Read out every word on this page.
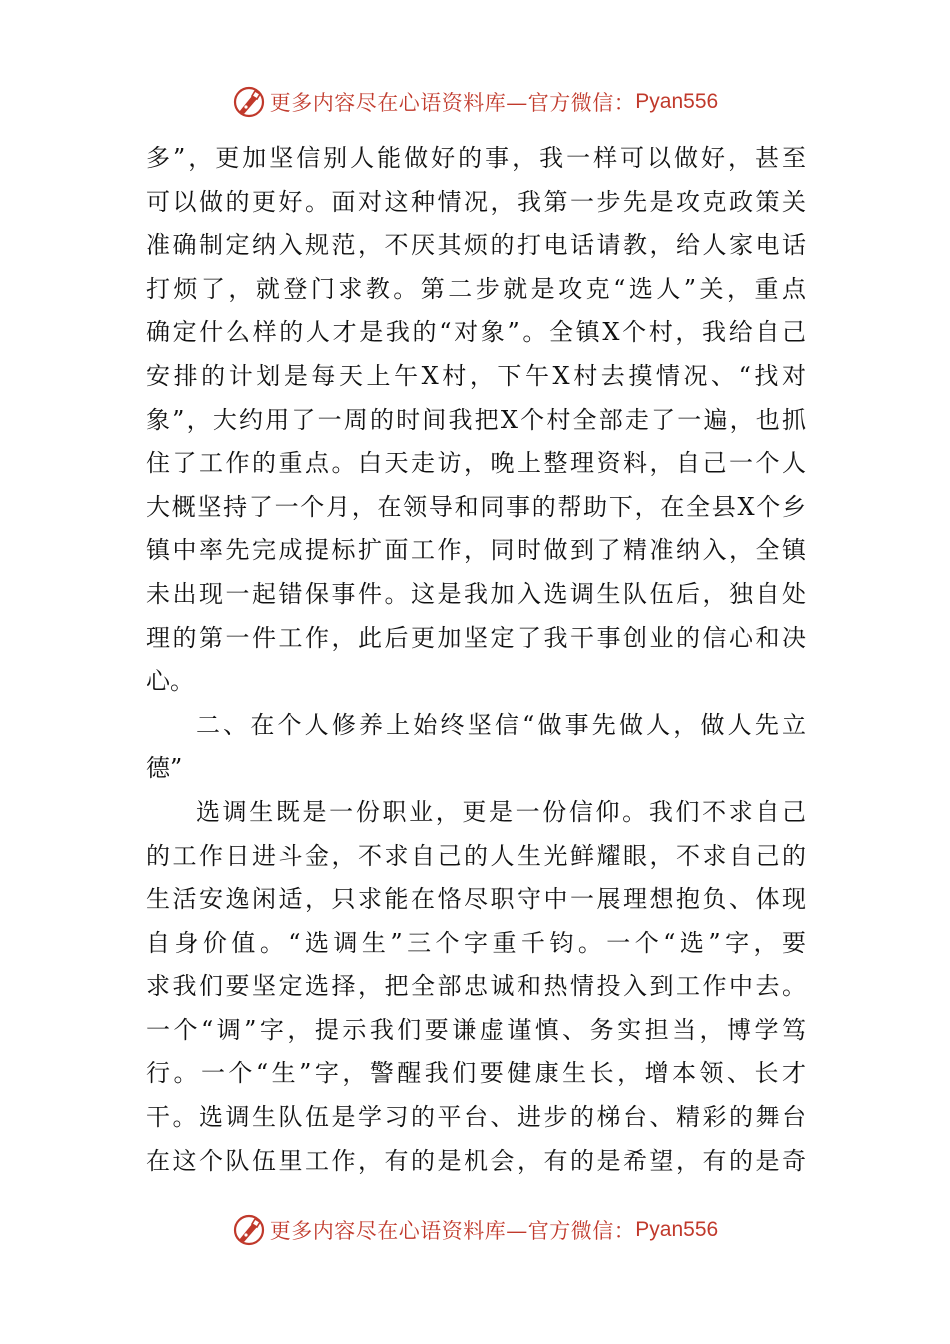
更多内容尽在心语资料库—官方微信： Pyan556
多”，更加坚信别人能做好的事，我一样可以做好，甚至
可以做的更好。面对这种情况，我第一步先是攻克政策关
准确制定纳入规范，不厌其烦的打电话请教，给人家电话
打烦了，就登门求教。第二步就是攻克“选人”关，重点
确定什么样的人才是我的“对象”。全镇X个村，我给自己
安排的计划是每天上午X村，下午X村去摸情况、“找对
象”，大约用了一周的时间我把X个村全部走了一遍，也抓
住了工作的重点。白天走访，晚上整理资料，自己一个人
大概坚持了一个月，在领导和同事的帮助下，在全县X个乡
镇中率先完成提标扩面工作，同时做到了精准纳入，全镇
未出现一起错保事件。这是我加入选调生队伍后，独自处
理的第一件工作，此后更加坚定了我干事创业的信心和决
心。
二、在个人修养上始终坚信“做事先做人，做人先立
德”
选调生既是一份职业，更是一份信仰。我们不求自己
的工作日进斗金，不求自己的人生光鲜耀眼，不求自己的
生活安逸闲适，只求能在恪尽职守中一展理想抱负、体现
自身价值。“选调生”三个字重千钧。一个“选”字，要
求我们要坚定选择，把全部忠诚和热情投入到工作中去。
一个“调”字，提示我们要谦虚谨慎、务实担当，博学笃
行。一个“生”字，警醒我们要健康生长，增本领、长才
干。选调生队伍是学习的平台、进步的梯台、精彩的舞台
在这个队伍里工作，有的是机会，有的是希望，有的是奇
更多内容尽在心语资料库—官方微信： Pyan556
